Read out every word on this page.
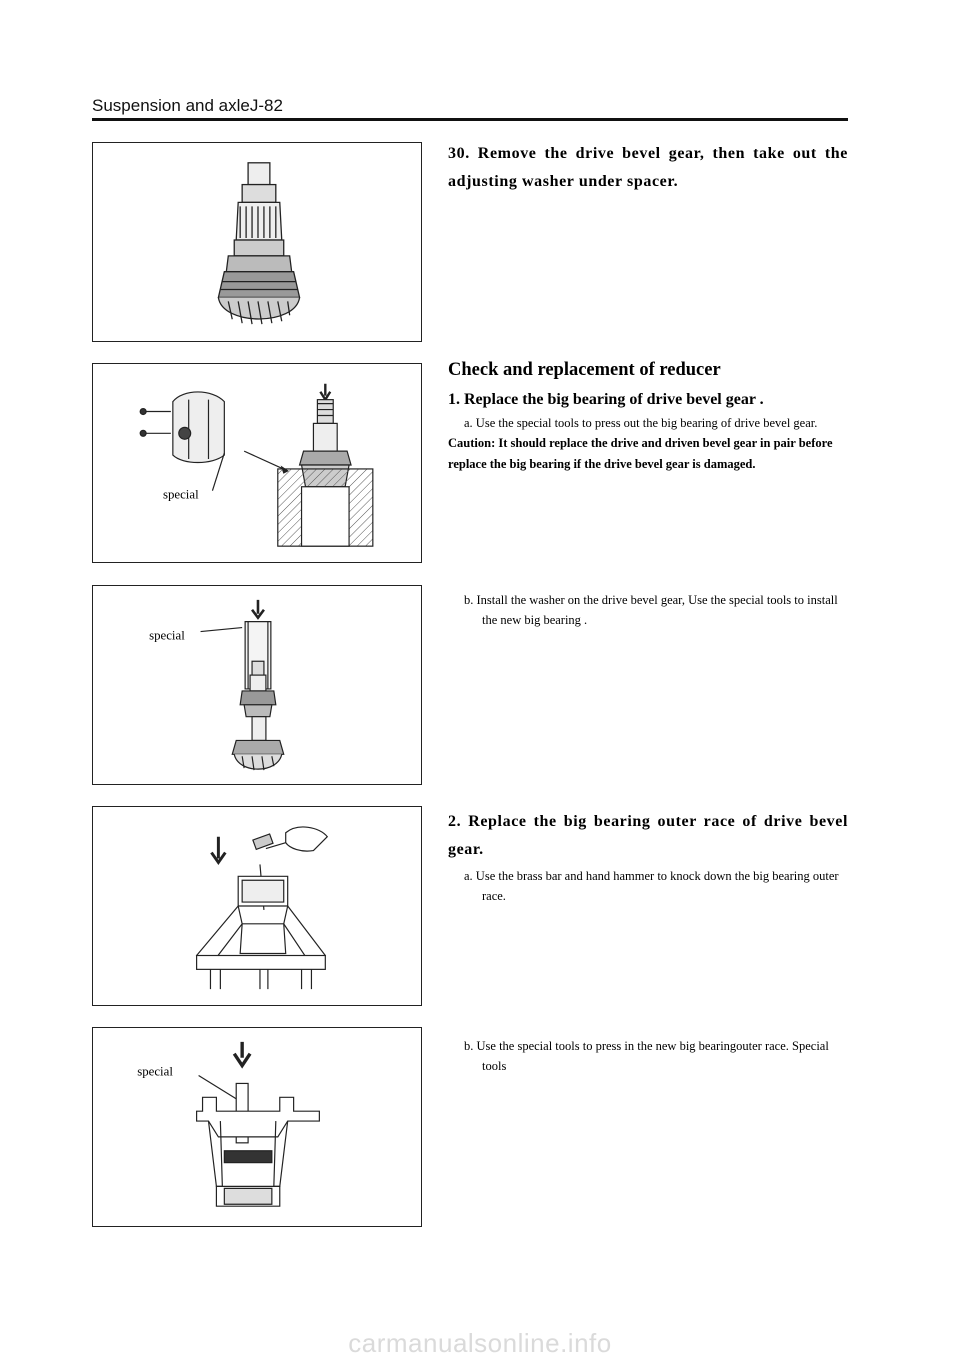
Suspension and axleJ-82
30. Remove the drive bevel gear, then take out the adjusting washer under spacer.
special
Check and replacement of reducer
1. Replace the big bearing of drive bevel gear .
a. Use the special tools to press out the big bearing of drive bevel gear.
Caution: It should replace the drive and driven bevel gear in pair before replace the big bearing if the drive bevel gear is damaged.
special
b. Install the washer on the drive bevel gear, Use the special tools to install the new big bearing .
2. Replace the big bearing outer race of drive bevel gear.
a. Use the brass bar and hand hammer to knock down the big bearing outer race.
special
b. Use the special tools to press in the new big bearingouter race. Special tools
carmanualsonline.info
